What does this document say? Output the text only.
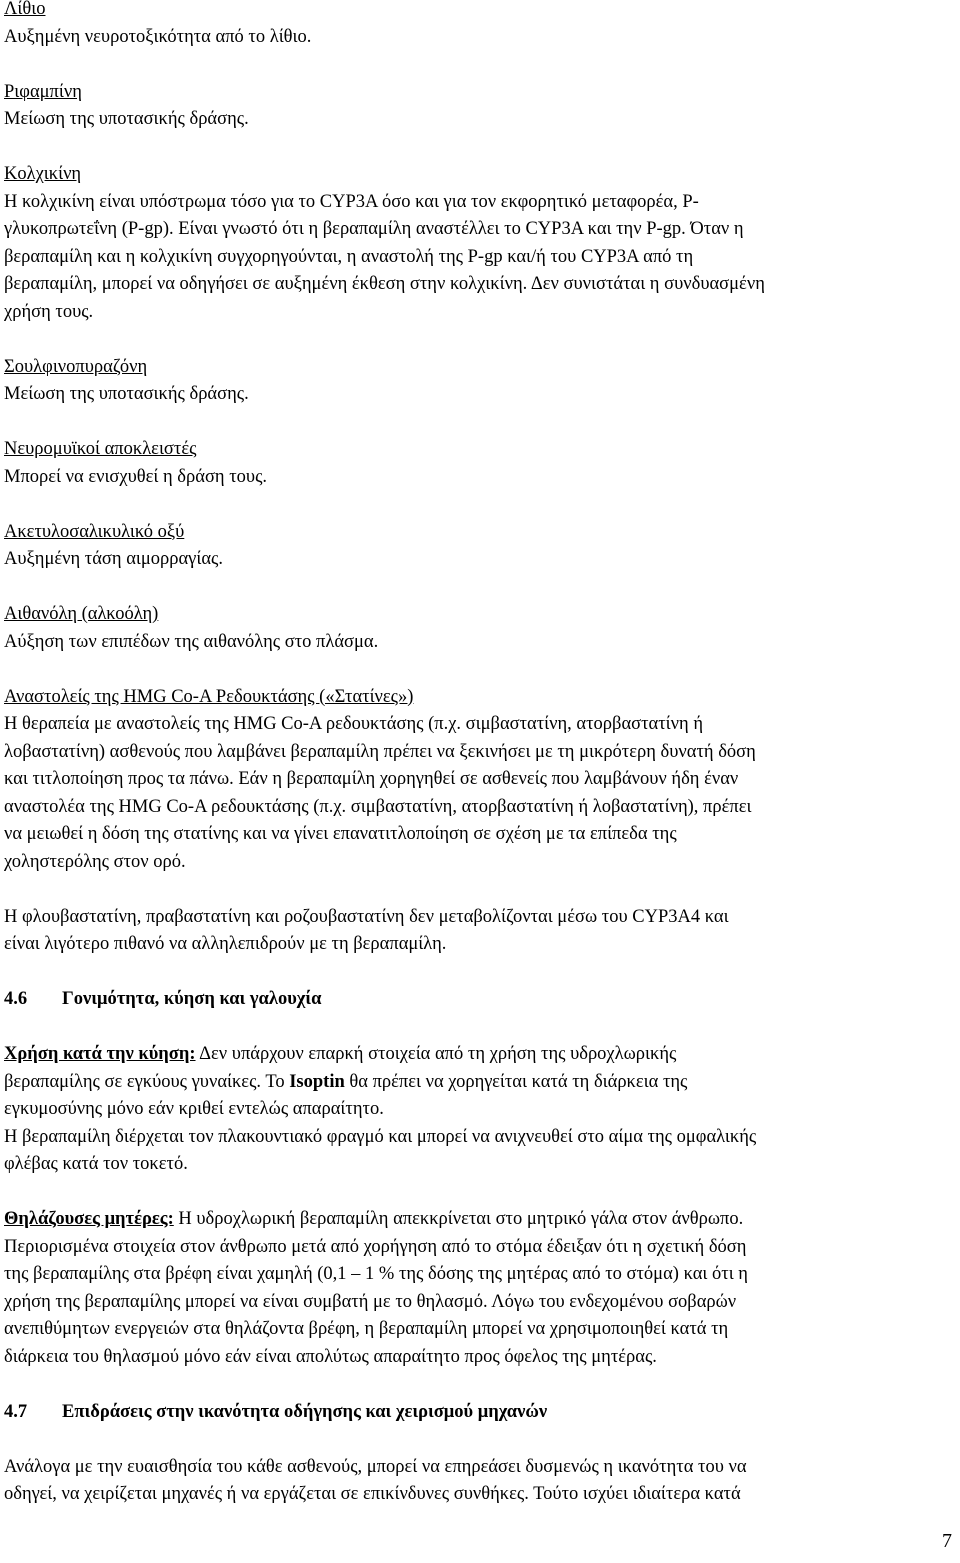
Λίθιο
Αυξημένη νευροτοξικότητα από το λίθιο.
Ριφαμπίνη
Μείωση της υποτασικής δράσης.
Κολχικίνη
Η κολχικίνη είναι υπόστρωμα τόσο για το CYP3A όσο και για τον εκφορητικό μεταφορέα, P-
γλυκοπρωτεΐνη (P-gp). Είναι γνωστό ότι η βεραπαμίλη αναστέλλει το CYP3A και την P-gp. Όταν η
βεραπαμίλη και η κολχικίνη συγχορηγούνται, η αναστολή της P-gp και/ή του CYP3A από τη
βεραπαμίλη, μπορεί να οδηγήσει σε αυξημένη έκθεση στην κολχικίνη. Δεν συνιστάται η συνδυασμένη
χρήση τους.
Σουλφινοπυραζόνη
Μείωση της υποτασικής δράσης.
Νευρομυϊκοί αποκλειστές
Μπορεί να ενισχυθεί η δράση τους.
Ακετυλοσαλικυλικό οξύ
Αυξημένη τάση αιμορραγίας.
Αιθανόλη (αλκοόλη)
Αύξηση των επιπέδων της αιθανόλης στο πλάσμα.
Αναστολείς της HMG Co-A Ρεδουκτάσης («Στατίνες»)
Η θεραπεία με αναστολείς της HMG Co-A ρεδουκτάσης (π.χ. σιμβαστατίνη, ατορβαστατίνη ή
λοβαστατίνη) ασθενούς που λαμβάνει βεραπαμίλη πρέπει να ξεκινήσει με τη μικρότερη δυνατή δόση
και τιτλοποίηση προς τα πάνω. Εάν η βεραπαμίλη χορηγηθεί σε ασθενείς που λαμβάνουν ήδη έναν
αναστολέα της HMG Co-A ρεδουκτάσης (π.χ. σιμβαστατίνη, ατορβαστατίνη ή λοβαστατίνη), πρέπει
να μειωθεί η δόση της στατίνης και να γίνει επανατιτλοποίηση σε σχέση με τα επίπεδα της
χοληστερόλης στον ορό.
Η φλουβαστατίνη, πραβαστατίνη και ροζουβαστατίνη δεν μεταβολίζονται μέσω του CYP3A4 και
είναι λιγότερο πιθανό να αλληλεπιδρούν με τη βεραπαμίλη.
4.6 Γονιμότητα, κύηση και γαλουχία
Χρήση κατά την κύηση: Δεν υπάρχουν επαρκή στοιχεία από τη χρήση της υδροχλωρικής
βεραπαμίλης σε εγκύους γυναίκες. Το Isoptin θα πρέπει να χορηγείται κατά τη διάρκεια της
εγκυμοσύνης μόνο εάν κριθεί εντελώς απαραίτητο.
Η βεραπαμίλη διέρχεται τον πλακουντιακό φραγμό και μπορεί να ανιχνευθεί στο αίμα της ομφαλικής
φλέβας κατά τον τοκετό.
Θηλάζουσες μητέρες: Η υδροχλωρική βεραπαμίλη απεκκρίνεται στο μητρικό γάλα στον άνθρωπο.
Περιορισμένα στοιχεία στον άνθρωπο μετά από χορήγηση από το στόμα έδειξαν ότι η σχετική δόση
της βεραπαμίλης στα βρέφη είναι χαμηλή (0,1 – 1 % της δόσης της μητέρας από το στόμα) και ότι η
χρήση της βεραπαμίλης μπορεί να είναι συμβατή με το θηλασμό. Λόγω του ενδεχομένου σοβαρών
ανεπιθύμητων ενεργειών στα θηλάζοντα βρέφη, η βεραπαμίλη μπορεί να χρησιμοποιηθεί κατά τη
διάρκεια του θηλασμού μόνο εάν είναι απολύτως απαραίτητο προς όφελος της μητέρας.
4.7 Επιδράσεις στην ικανότητα οδήγησης και χειρισμού μηχανών
Ανάλογα με την ευαισθησία του κάθε ασθενούς, μπορεί να επηρεάσει δυσμενώς η ικανότητα του να
οδηγεί, να χειρίζεται μηχανές ή να εργάζεται σε επικίνδυνες συνθήκες. Τούτο ισχύει ιδιαίτερα κατά
7
